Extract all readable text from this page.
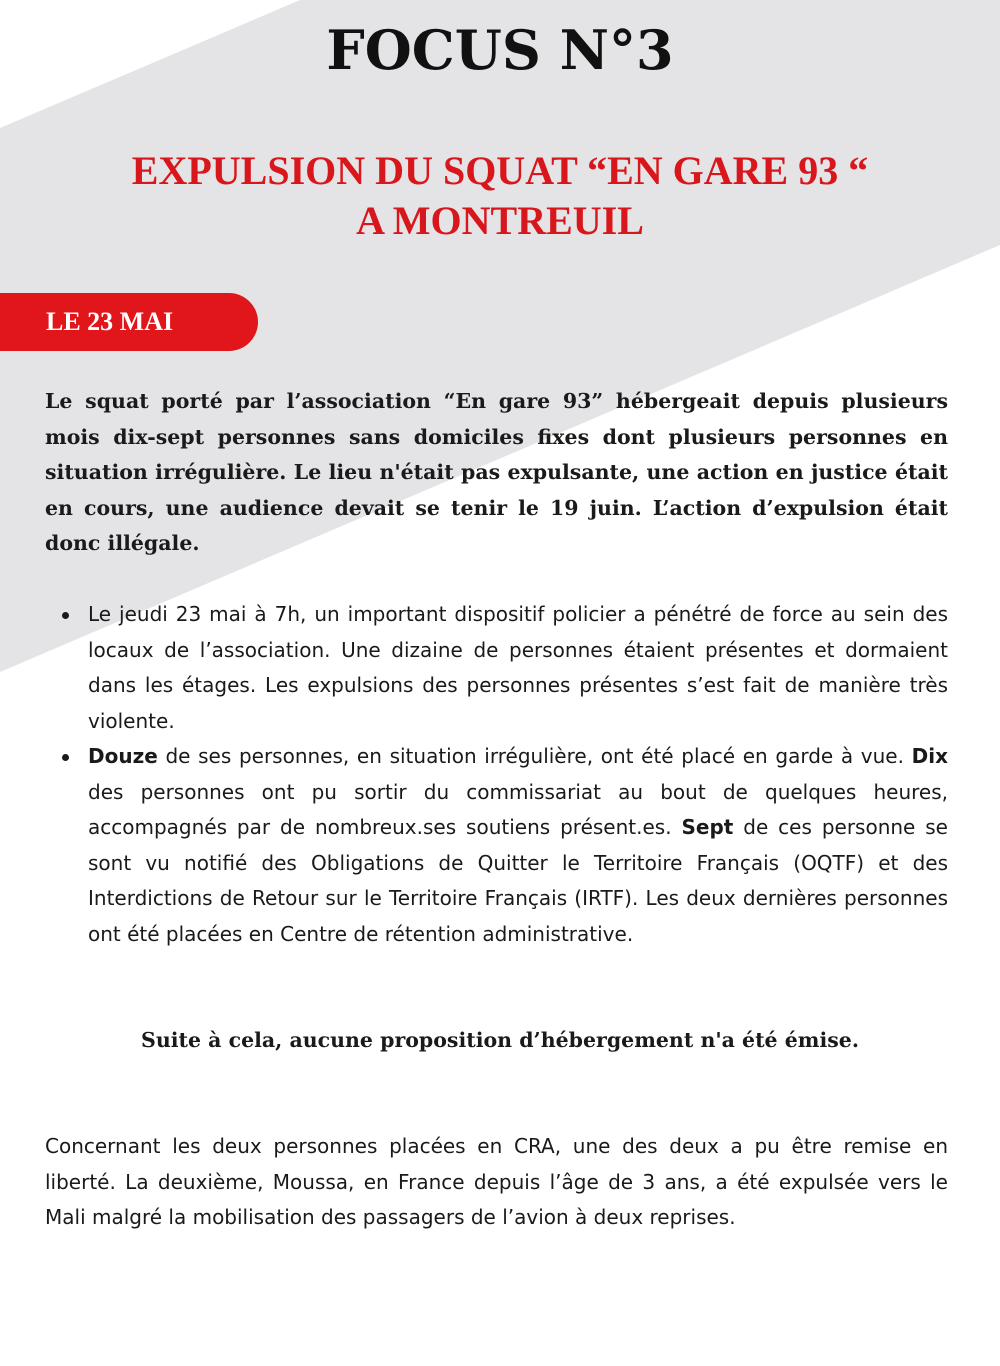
FOCUS N°3
EXPULSION DU SQUAT “EN GARE 93 “
A MONTREUIL
LE 23 MAI

Le squat porté par l’association “En gare 93” hébergeait depuis plusieurs mois dix-sept personnes sans domiciles fixes dont plusieurs personnes en situation irrégulière. Le lieu n'était pas expulsante, une action en justice était en cours, une audience devait se tenir le 19 juin. L’action d’expulsion était donc illégale.

Le jeudi 23 mai à 7h, un important dispositif policier a pénétré de force au sein des locaux de l’association. Une dizaine de personnes étaient présentes et dormaient dans les étages. Les expulsions des personnes présentes s’est fait de manière très violente.
Douze de ses personnes, en situation irrégulière, ont été placé en garde à vue. Dix des personnes ont pu sortir du commissariat au bout de quelques heures, accompagnés par de nombreux.ses soutiens présent.es. Sept de ces personne se sont vu notifié des Obligations de Quitter le Territoire Français (OQTF) et des Interdictions de Retour sur le Territoire Français (IRTF). Les deux dernières personnes ont été placées en Centre de rétention administrative.

Suite à cela, aucune proposition d’hébergement n'a été émise.

Concernant les deux personnes placées en CRA, une des deux a pu être remise en liberté. La deuxième, Moussa, en France depuis l’âge de 3 ans, a été expulsée vers le Mali malgré la mobilisation des passagers de l’avion à deux reprises.
